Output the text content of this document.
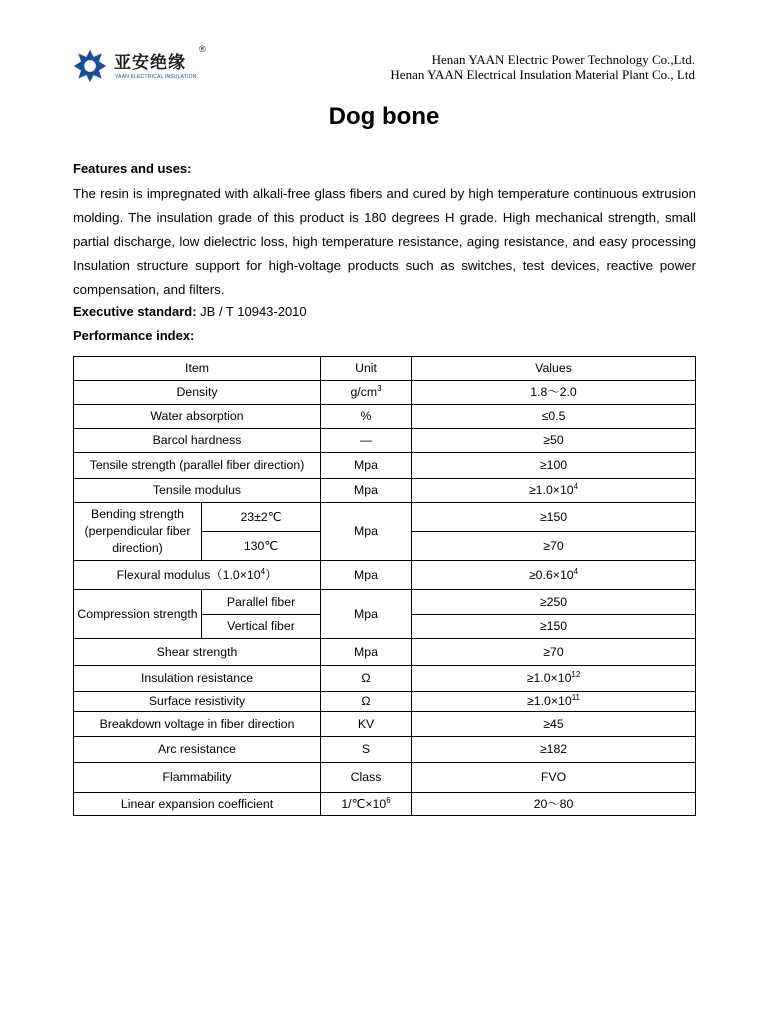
亚安绝缘
®
YAAN ELECTRICAL INSULATION
Henan YAAN Electric Power Technology Co.,Ltd.
Henan YAAN Electrical Insulation Material Plant Co., Ltd
Dog bone
Features and uses:
The resin is impregnated with alkali-free glass fibers and cured by high temperature continuous extrusion molding. The insulation grade of this product is 180 degrees H grade. High mechanical strength, small partial discharge, low dielectric loss, high temperature resistance, aging resistance, and easy processing Insulation structure support for high-voltage products such as switches, test devices, reactive power compensation, and filters.
Executive standard: JB / T 10943-2010
Performance index:
Item		Unit	Values
Density		$g/cm^3$	1.8～2.0
Water absorption		%	≤0.5
Barcol hardness		—	≥50
Tensile strength (parallel fiber direction)		Mpa	≥100
Tensile modulus		Mpa	$\ge 1.0\times 10^4$
Bending strength (perpendicular fiber direction)	23±2℃	Mpa	≥150
	130℃		≥70
Flexural $modulus(1.0\times 10^4)$		Mpa	$\ge 0.6\times 10^4$
Compression strength	Parallel fiber	Mpa	≥250
	Vertical fiber		≥150
Shear strength		Mpa	≥70
Insulation resistance		Ω	$\ge 1.0\times 10^{12}$
Surface resistivity		Ω	$\ge 1.0\times 10^{11}$
Breakdown voltage in fiber direction		KV	≥45
Arc resistance		S	≥182
Flammability		Class	FVO
Linear expansion coefficient		$1/℃\times 10^6$	20～80
